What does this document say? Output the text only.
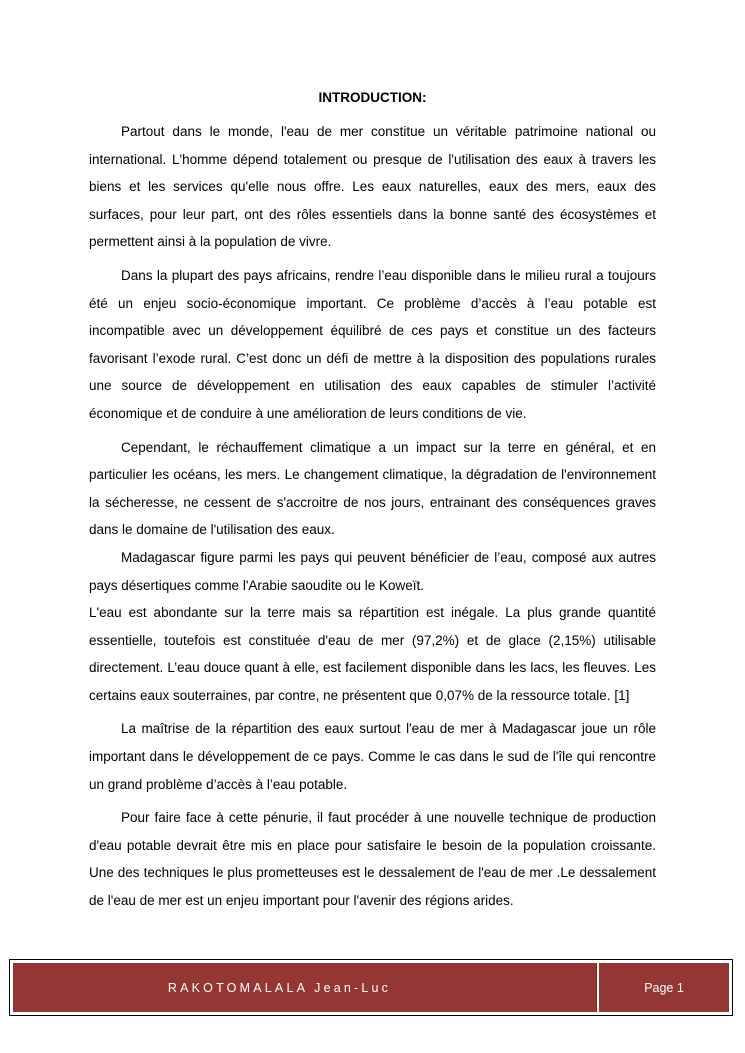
INTRODUCTION:

Partout dans le monde, l'eau de mer constitue un véritable patrimoine national ou international. L'homme dépend totalement ou presque de l'utilisation des eaux à travers les biens et les services qu'elle nous offre. Les eaux naturelles, eaux des mers, eaux des surfaces, pour leur part, ont des rôles essentiels dans la bonne santé des écosystèmes et permettent ainsi à la population de vivre.

Dans la plupart des pays africains, rendre l’eau disponible dans le milieu rural a toujours été un enjeu socio-économique important. Ce problème d’accès à l’eau potable est incompatible avec un développement équilibré de ces pays et constitue un des facteurs favorisant l’exode rural. C’est donc un défi de mettre à la disposition des populations rurales une source de développement en utilisation des eaux capables de stimuler l’activité économique et de conduire à une amélioration de leurs conditions de vie.

Cependant, le réchauffement climatique a un impact sur la terre en général, et en particulier les océans, les mers. Le changement climatique, la dégradation de l'environnement la sécheresse, ne cessent de s'accroitre de nos jours, entrainant des conséquences graves dans le domaine de l'utilisation des eaux.

Madagascar figure parmi les pays qui peuvent bénéficier de l’eau, composé aux autres pays désertiques comme l'Arabie saoudite ou le Koweït.

L'eau est abondante sur la terre mais sa répartition est inégale. La plus grande quantité essentielle, toutefois est constituée d'eau de mer (97,2%) et de glace (2,15%) utilisable directement. L’eau douce quant à elle, est facilement disponible dans les lacs, les fleuves. Les certains eaux souterraines, par contre, ne présentent que 0,07% de la ressource totale. [1]

La maîtrise de la répartition des eaux surtout l'eau de mer à Madagascar joue un rôle important dans le développement de ce pays. Comme le cas dans le sud de l'île qui rencontre un grand problème d’accès à l’eau potable.

Pour faire face à cette pénurie, il faut procéder à une nouvelle technique de production d'eau potable devrait être mis en place pour satisfaire le besoin de la population croissante. Une des techniques le plus prometteuses est le dessalement de l'eau de mer .Le dessalement de l'eau de mer est un enjeu important pour l'avenir des régions arides.

RAKOTOMALALA Jean-Luc	Page 1
